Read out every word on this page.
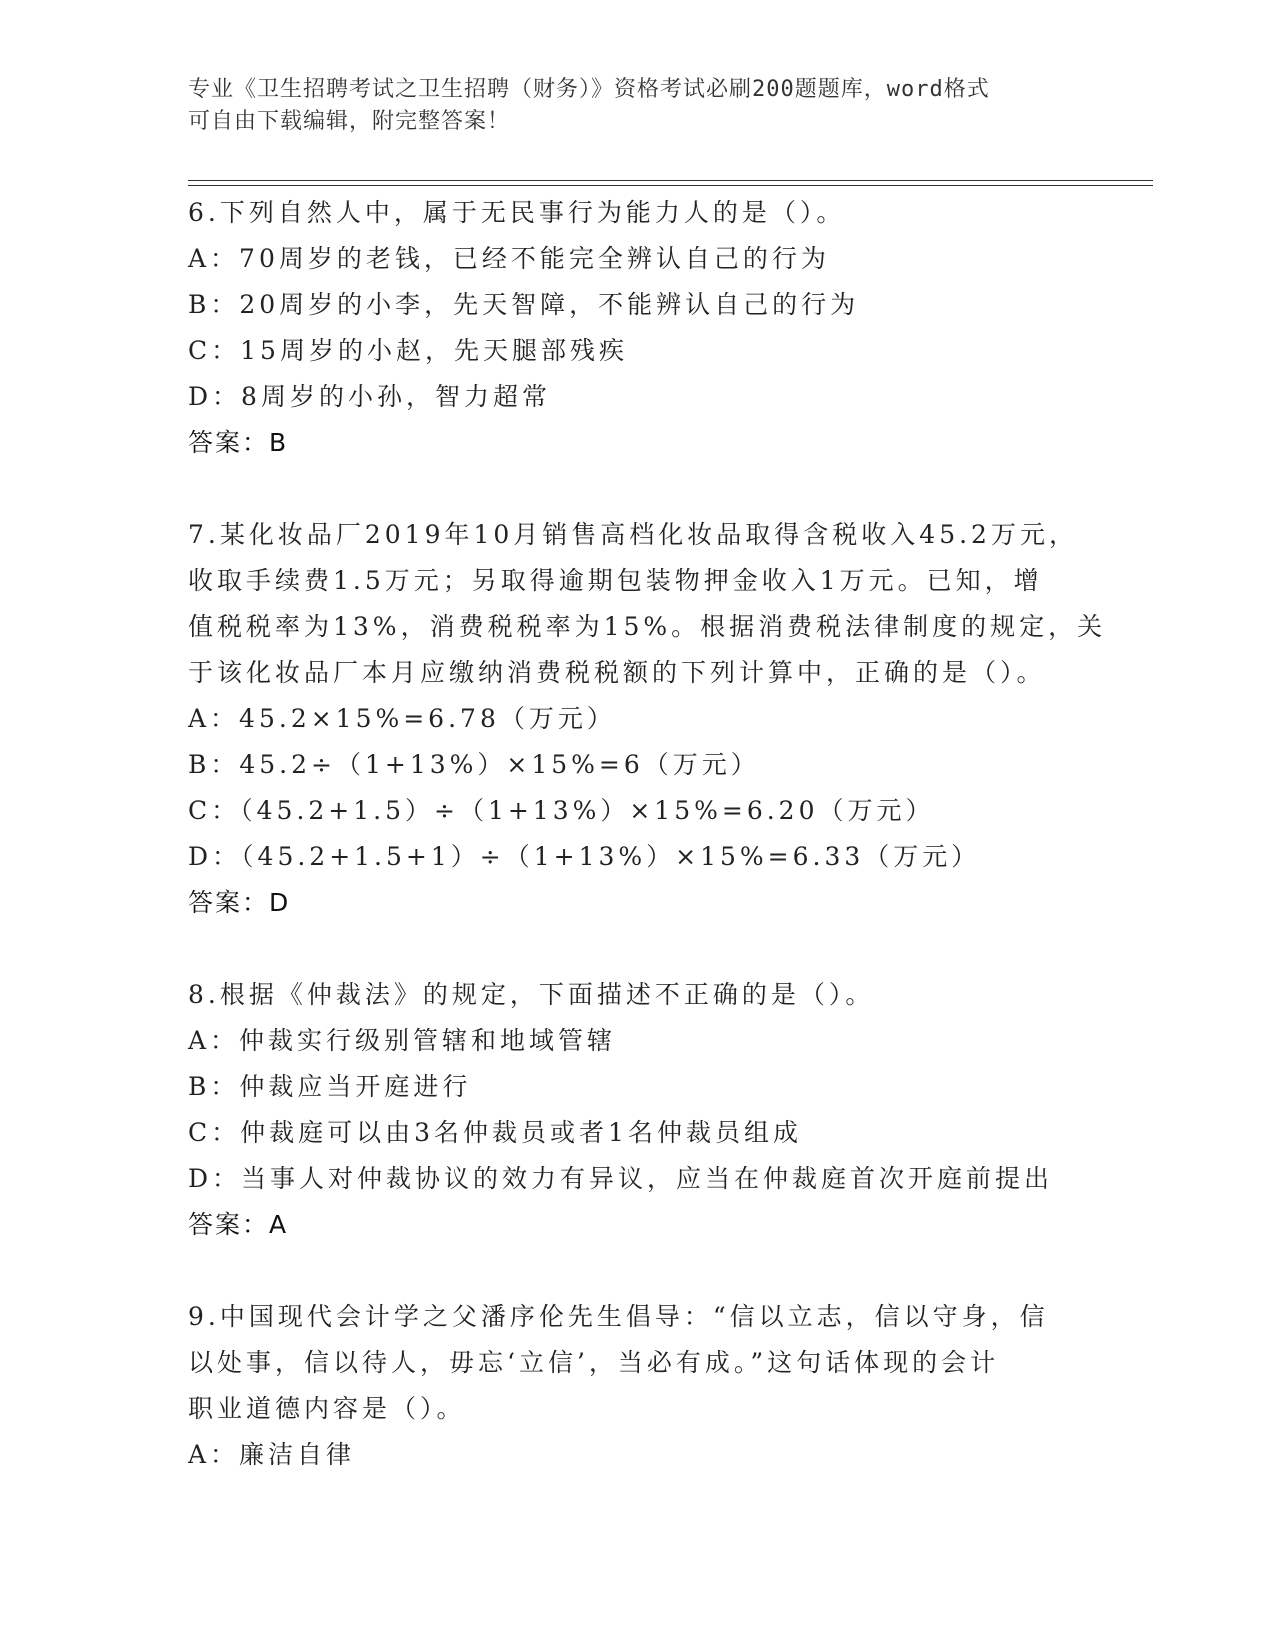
专业《卫生招聘考试之卫生招聘（财务）》资格考试必刷200题题库，word格式
可自由下载编辑，附完整答案！
6.下列自然人中，属于无民事行为能力人的是（）。
A：70周岁的老钱，已经不能完全辨认自己的行为
B：20周岁的小李，先天智障，不能辨认自己的行为
C：15周岁的小赵，先天腿部残疾
D：8周岁的小孙，智力超常
答案：B
7.某化妆品厂2019年10月销售高档化妆品取得含税收入45.2万元，
收取手续费1.5万元；另取得逾期包装物押金收入1万元。已知，增
值税税率为13%，消费税税率为15%。根据消费税法律制度的规定，关
于该化妆品厂本月应缴纳消费税税额的下列计算中，正确的是（）。
A：45.2×15%=6.78（万元）
B：45.2÷（1+13%）×15%=6（万元）
C：（45.2+1.5）÷（1+13%）×15%=6.20（万元）
D：（45.2+1.5+1）÷（1+13%）×15%=6.33（万元）
答案：D
8.根据《仲裁法》的规定，下面描述不正确的是（）。
A：仲裁实行级别管辖和地域管辖
B：仲裁应当开庭进行
C：仲裁庭可以由3名仲裁员或者1名仲裁员组成
D：当事人对仲裁协议的效力有异议，应当在仲裁庭首次开庭前提出
答案：A
9.中国现代会计学之父潘序伦先生倡导：“信以立志，信以守身，信
以处事，信以待人，毋忘‘立信’，当必有成。”这句话体现的会计
职业道德内容是（）。
A：廉洁自律
